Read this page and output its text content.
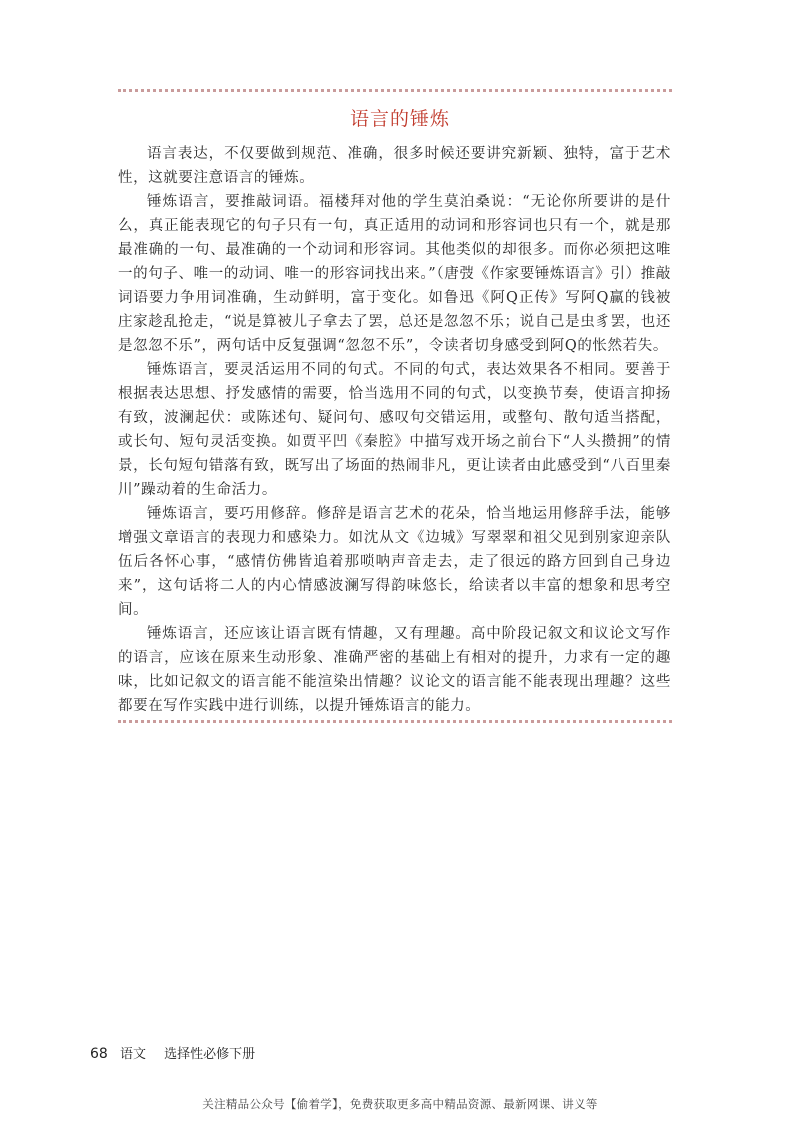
语言的锤炼

语言表达，不仅要做到规范、准确，很多时候还要讲究新颖、独特，富于艺术性，这就要注意语言的锤炼。

锤炼语言，要推敲词语。福楼拜对他的学生莫泊桑说：“无论你所要讲的是什么，真正能表现它的句子只有一句，真正适用的动词和形容词也只有一个，就是那最准确的一句、最准确的一个动词和形容词。其他类似的却很多。而你必须把这唯一的句子、唯一的动词、唯一的形容词找出来。”（唐弢《作家要锤炼语言》引）推敲词语要力争用词准确，生动鲜明，富于变化。如鲁迅《阿Q正传》写阿Q赢的钱被庄家趁乱抢走，“说是算被儿子拿去了罢，总还是忽忽不乐；说自己是虫豸罢，也还是忽忽不乐”，两句话中反复强调“忽忽不乐”，令读者切身感受到阿Q的怅然若失。

锤炼语言，要灵活运用不同的句式。不同的句式，表达效果各不相同。要善于根据表达思想、抒发感情的需要，恰当选用不同的句式，以变换节奏，使语言抑扬有致，波澜起伏：或陈述句、疑问句、感叹句交错运用，或整句、散句适当搭配，或长句、短句灵活变换。如贾平凹《秦腔》中描写戏开场之前台下“人头攒拥”的情景，长句短句错落有致，既写出了场面的热闹非凡，更让读者由此感受到“八百里秦川”躁动着的生命活力。

锤炼语言，要巧用修辞。修辞是语言艺术的花朵，恰当地运用修辞手法，能够增强文章语言的表现力和感染力。如沈从文《边城》写翠翠和祖父见到别家迎亲队伍后各怀心事，“感情仿佛皆追着那唢呐声音走去，走了很远的路方回到自己身边来”，这句话将二人的内心情感波澜写得韵味悠长，给读者以丰富的想象和思考空间。

锤炼语言，还应该让语言既有情趣，又有理趣。高中阶段记叙文和议论文写作的语言，应该在原来生动形象、准确严密的基础上有相对的提升，力求有一定的趣味，比如记叙文的语言能不能渲染出情趣？议论文的语言能不能表现出理趣？这些都要在写作实践中进行训练，以提升锤炼语言的能力。

68 语文 选择性必修下册
关注精品公众号【偷着学】，免费获取更多高中精品资源、最新网课、讲义等
